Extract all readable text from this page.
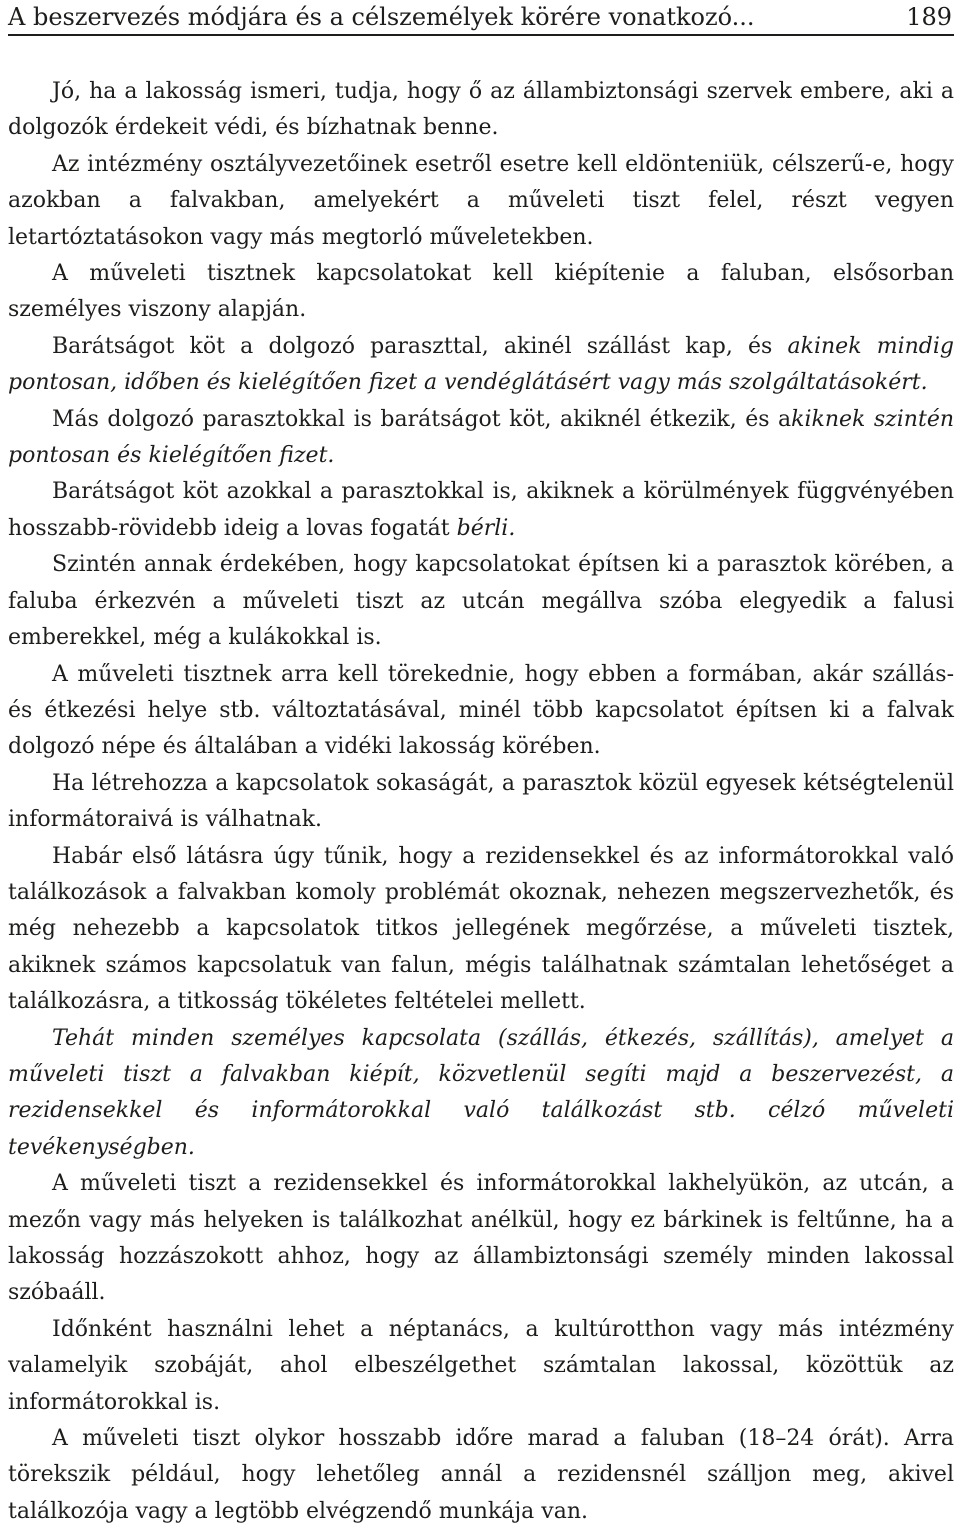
A beszervezés módjára és a célszemélyek körére vonatkozó...	189

Jó, ha a lakosság ismeri, tudja, hogy ő az állambiztonsági szervek embere, aki a dolgozók érdekeit védi, és bízhatnak benne.

Az intézmény osztályvezetőinek esetről esetre kell eldönteniük, célszerű-e, hogy azokban a falvakban, amelyekért a műveleti tiszt felel, részt vegyen letartóztatásokon vagy más megtorló műveletekben.

A műveleti tisztnek kapcsolatokat kell kiépítenie a faluban, elsősorban személyes viszony alapján.

Barátságot köt a dolgozó paraszttal, akinél szállást kap, és akinek mindig pontosan, időben és kielégítően fizet a vendéglátásért vagy más szolgáltatásokért.

Más dolgozó parasztokkal is barátságot köt, akiknél étkezik, és akiknek szintén pontosan és kielégítően fizet.

Barátságot köt azokkal a parasztokkal is, akiknek a körülmények függvényében hosszabb-rövidebb ideig a lovas fogatát bérli.

Szintén annak érdekében, hogy kapcsolatokat építsen ki a parasztok körében, a faluba érkezvén a műveleti tiszt az utcán megállva szóba elegyedik a falusi emberekkel, még a kulákokkal is.

A műveleti tisztnek arra kell törekednie, hogy ebben a formában, akár szállás- és étkezési helye stb. változtatásával, minél több kapcsolatot építsen ki a falvak dolgozó népe és általában a vidéki lakosság körében.

Ha létrehozza a kapcsolatok sokaságát, a parasztok közül egyesek kétségtelenül informátoraivá is válhatnak.

Habár első látásra úgy tűnik, hogy a rezidensekkel és az informátorokkal való találkozások a falvakban komoly problémát okoznak, nehezen megszervezhetők, és még nehezebb a kapcsolatok titkos jellegének megőrzése, a műveleti tisztek, akiknek számos kapcsolatuk van falun, mégis találhatnak számtalan lehetőséget a találkozásra, a titkosság tökéletes feltételei mellett.

Tehát minden személyes kapcsolata (szállás, étkezés, szállítás), amelyet a műveleti tiszt a falvakban kiépít, közvetlenül segíti majd a beszervezést, a rezidensekkel és informátorokkal való találkozást stb. célzó műveleti tevékenységben.

A műveleti tiszt a rezidensekkel és informátorokkal lakhelyükön, az utcán, a mezőn vagy más helyeken is találkozhat anélkül, hogy ez bárkinek is feltűnne, ha a lakosság hozzászokott ahhoz, hogy az állambiztonsági személy minden lakossal szóbaáll.

Időnként használni lehet a néptanács, a kultúrotthon vagy más intézmény valamelyik szobáját, ahol elbeszélgethet számtalan lakossal, közöttük az informátorokkal is.

A műveleti tiszt olykor hosszabb időre marad a faluban (18–24 órát). Arra törekszik például, hogy lehetőleg annál a rezidensnél szálljon meg, akivel találkozója vagy a legtöbb elvégzendő munkája van.
